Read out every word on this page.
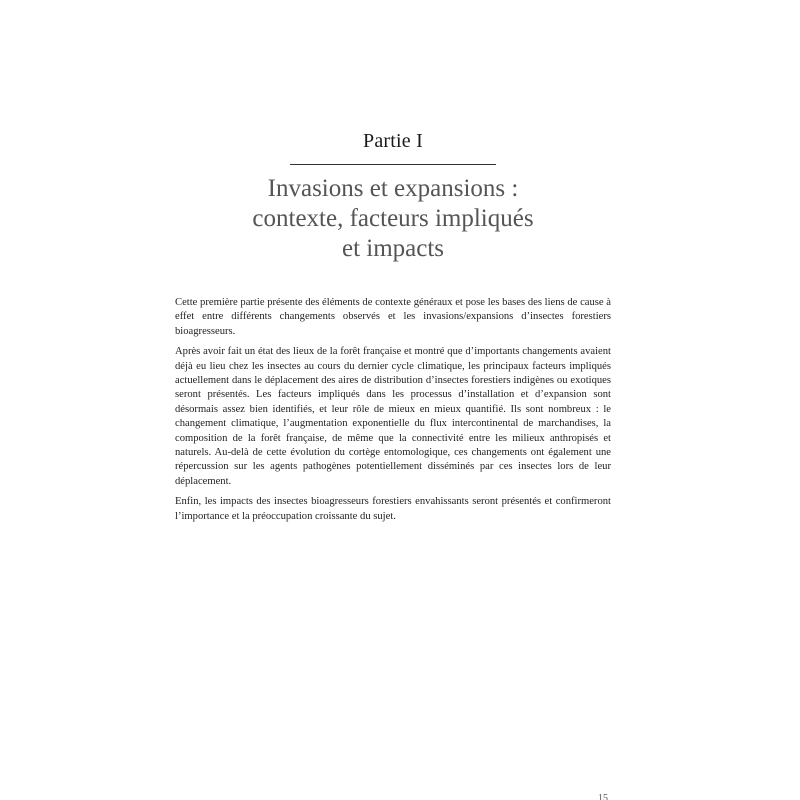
Partie I
Invasions et expansions :
contexte, facteurs impliqués
et impacts

Cette première partie présente des éléments de contexte généraux et pose les bases des liens de cause à effet entre différents changements observés et les invasions/expansions d’insectes forestiers bioagresseurs.

Après avoir fait un état des lieux de la forêt française et montré que d’importants changements avaient déjà eu lieu chez les insectes au cours du dernier cycle climatique, les principaux facteurs impliqués actuellement dans le déplacement des aires de distribution d’insectes forestiers indigènes ou exotiques seront présentés. Les facteurs impliqués dans les processus d’installation et d’expansion sont désormais assez bien identifiés, et leur rôle de mieux en mieux quantifié. Ils sont nombreux : le changement climatique, l’augmentation exponentielle du flux intercontinental de marchandises, la composition de la forêt française, de même que la connectivité entre les milieux anthropisés et naturels. Au-delà de cette évolution du cortège entomologique, ces changements ont également une répercussion sur les agents pathogènes potentiellement disséminés par ces insectes lors de leur déplacement.

Enfin, les impacts des insectes bioagresseurs forestiers envahissants seront présentés et confirmeront l’importance et la préoccupation croissante du sujet.

15
